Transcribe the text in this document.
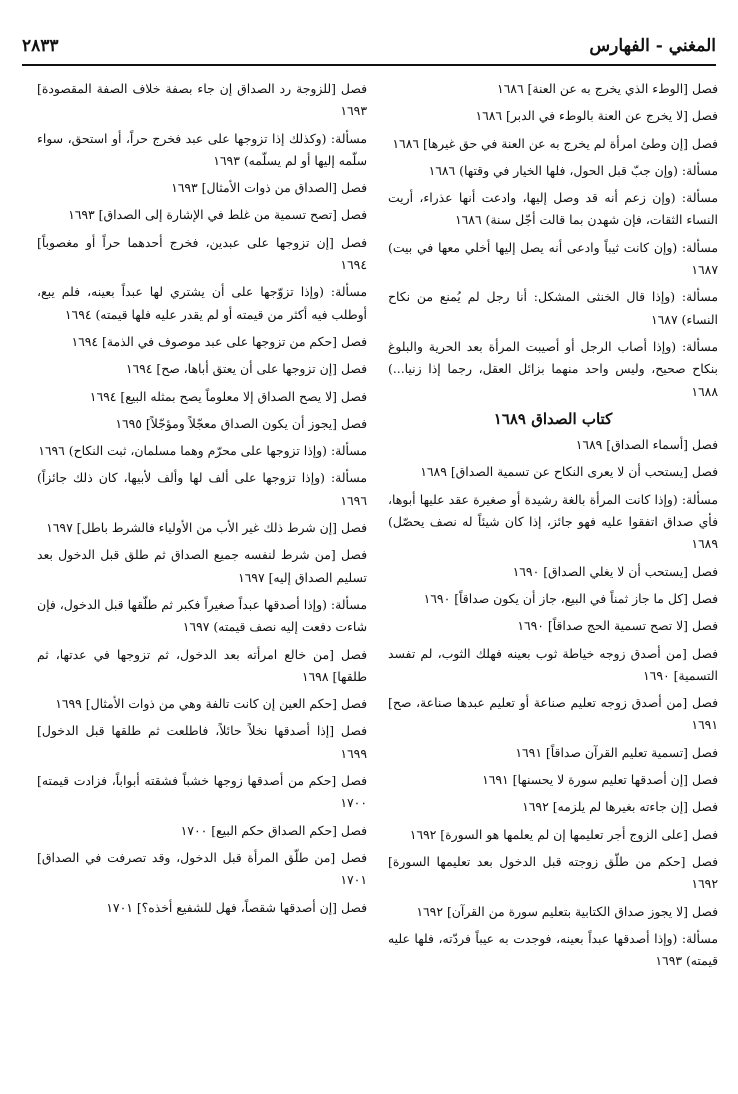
المغني - الفهارس
٢٨٣٣
فصل [الوطء الذي يخرج به عن العنة] ١٦٨٦
فصل [لا يخرج عن العنة بالوطء في الدبر] ١٦٨٦
فصل [إن وطئ امرأة لم يخرج به عن العنة في حق غيرها] ١٦٨٦
مسألة: (وإن جبّ قبل الحول، فلها الخيار في وقتها) ١٦٨٦
مسألة: (وإن زعم أنه قد وصل إليها، وادعت أنها عذراء، أريت النساء الثقات، فإن شهدن بما قالت أجّل سنة) ١٦٨٦
مسألة: (وإن كانت ثيباً وادعى أنه يصل إليها أخلي معها في بيت) ١٦٨٧
مسألة: (وإذا قال الخنثى المشكل: أنا رجل لم يُمنع من نكاح النساء) ١٦٨٧
مسألة: (وإذا أصاب الرجل أو أصيبت المرأة بعد الحرية والبلوغ بنكاح صحيح، وليس واحد منهما بزائل العقل، رجما إذا زنيا...) ١٦٨٨
كتاب الصداق ١٦٨٩
فصل [أسماء الصداق] ١٦٨٩
فصل [يستحب أن لا يعرى النكاح عن تسمية الصداق] ١٦٨٩
مسألة: (وإذا كانت المرأة بالغة رشيدة أو صغيرة عقد عليها أبوها، فأي صداق اتفقوا عليه فهو جائز، إذا كان شيئاً له نصف يحصّل) ١٦٨٩
فصل [يستحب أن لا يغلي الصداق] ١٦٩٠
فصل [كل ما جاز ثمناً في البيع، جاز أن يكون صداقاً] ١٦٩٠
فصل [لا تصح تسمية الحج صداقاً] ١٦٩٠
فصل [من أصدق زوجه خياطة ثوب بعينه فهلك الثوب، لم تفسد التسمية] ١٦٩٠
فصل [من أصدق زوجه تعليم صناعة أو تعليم عبدها صناعة، صح] ١٦٩١
فصل [تسمية تعليم القرآن صداقاً] ١٦٩١
فصل [إن أصدقها تعليم سورة لا يحسنها] ١٦٩١
فصل [إن جاءته بغيرها لم يلزمه] ١٦٩٢
فصل [على الزوج أجر تعليمها إن لم يعلمها هو السورة] ١٦٩٢
فصل [حكم من طلّق زوجته قبل الدخول بعد تعليمها السورة] ١٦٩٢
فصل [لا يجوز صداق الكتابية بتعليم سورة من القرآن] ١٦٩٢
مسألة: (وإذا أصدقها عبداً بعينه، فوجدت به عيباً فردّته، فلها عليه قيمته) ١٦٩٣
فصل [للزوجة رد الصداق إن جاء بصفة خلاف الصفة المقصودة] ١٦٩٣
مسألة: (وكذلك إذا تزوجها على عبد فخرج حراً، أو استحق، سواء سلّمه إليها أو لم يسلّمه) ١٦٩٣
فصل [الصداق من ذوات الأمثال] ١٦٩٣
فصل [تصح تسمية من غلط في الإشارة إلى الصداق] ١٦٩٣
فصل [إن تزوجها على عبدين، فخرج أحدهما حراً أو مغصوباً] ١٦٩٤
مسألة: (وإذا تزوّجها على أن يشتري لها عبداً بعينه، فلم يبع، أوطلب فيه أكثر من قيمته أو لم يقدر عليه فلها قيمته) ١٦٩٤
فصل [حكم من تزوجها على عبد موصوف في الذمة] ١٦٩٤
فصل [إن تزوجها على أن يعتق أباها، صح] ١٦٩٤
فصل [لا يصح الصداق إلا معلوماً يصح بمثله البيع] ١٦٩٤
فصل [يجوز أن يكون الصداق معجّلاً ومؤجّلاً] ١٦٩٥
مسألة: (وإذا تزوجها على محرّم وهما مسلمان، ثبت النكاح) ١٦٩٦
مسألة: (وإذا تزوجها على ألف لها وألف لأبيها، كان ذلك جائزاً) ١٦٩٦
فصل [إن شرط ذلك غير الأب من الأولياء فالشرط باطل] ١٦٩٧
فصل [من شرط لنفسه جميع الصداق ثم طلق قبل الدخول بعد تسليم الصداق إليه] ١٦٩٧
مسألة: (وإذا أصدقها عبداً صغيراً فكبر ثم طلّقها قبل الدخول، فإن شاءت دفعت إليه نصف قيمته) ١٦٩٧
فصل [من خالع امرأته بعد الدخول، ثم تزوجها في عدتها، ثم طلقها] ١٦٩٨
فصل [حكم العين إن كانت تالفة وهي من ذوات الأمثال] ١٦٩٩
فصل [إذا أصدقها نخلاً حائلاً، فاطلعت ثم طلقها قبل الدخول] ١٦٩٩
فصل [حكم من أصدقها زوجها خشباً فشقته أبواباً، فزادت قيمته] ١٧٠٠
فصل [حكم الصداق حكم البيع] ١٧٠٠
فصل [من طلّق المرأة قبل الدخول، وقد تصرفت في الصداق] ١٧٠١
فصل [إن أصدقها شقصاً، فهل للشفيع أخذه؟] ١٧٠١
